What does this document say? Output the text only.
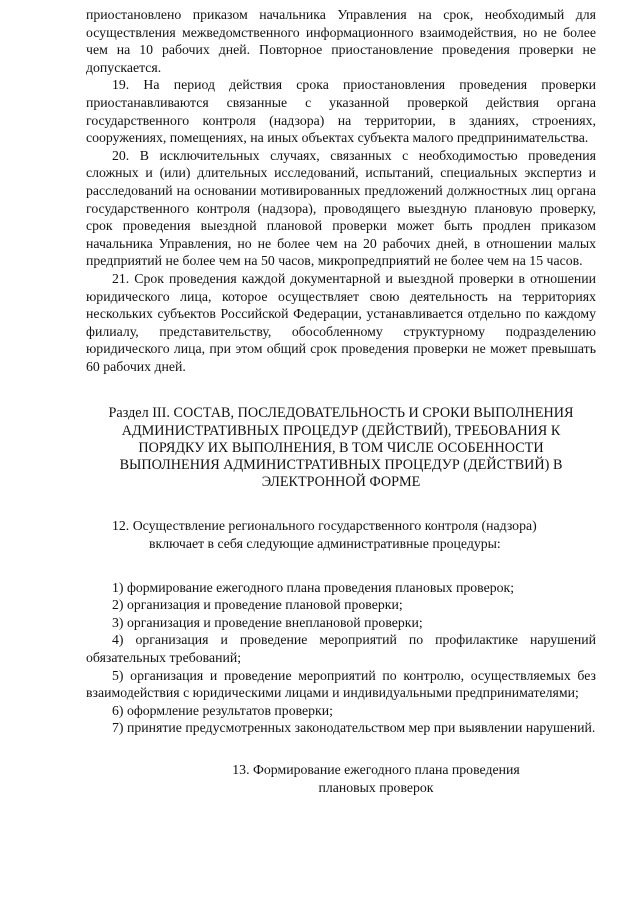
приостановлено приказом начальника Управления на срок, необходимый для осуществления межведомственного информационного взаимодействия, но не более чем на 10 рабочих дней. Повторное приостановление проведения проверки не допускается.

19. На период действия срока приостановления проведения проверки приостанавливаются связанные с указанной проверкой действия органа государственного контроля (надзора) на территории, в зданиях, строениях, сооружениях, помещениях, на иных объектах субъекта малого предпринимательства.

20. В исключительных случаях, связанных с необходимостью проведения сложных и (или) длительных исследований, испытаний, специальных экспертиз и расследований на основании мотивированных предложений должностных лиц органа государственного контроля (надзора), проводящего выездную плановую проверку, срок проведения выездной плановой проверки может быть продлен приказом начальника Управления, но не более чем на 20 рабочих дней, в отношении малых предприятий не более чем на 50 часов, микропредприятий не более чем на 15 часов.

21. Срок проведения каждой документарной и выездной проверки в отношении юридического лица, которое осуществляет свою деятельность на территориях нескольких субъектов Российской Федерации, устанавливается отдельно по каждому филиалу, представительству, обособленному структурному подразделению юридического лица, при этом общий срок проведения проверки не может превышать 60 рабочих дней.

Раздел III. СОСТАВ, ПОСЛЕДОВАТЕЛЬНОСТЬ И СРОКИ ВЫПОЛНЕНИЯ АДМИНИСТРАТИВНЫХ ПРОЦЕДУР (ДЕЙСТВИЙ), ТРЕБОВАНИЯ К ПОРЯДКУ ИХ ВЫПОЛНЕНИЯ, В ТОМ ЧИСЛЕ ОСОБЕННОСТИ ВЫПОЛНЕНИЯ АДМИНИСТРАТИВНЫХ ПРОЦЕДУР (ДЕЙСТВИЙ) В ЭЛЕКТРОННОЙ ФОРМЕ

12. Осуществление регионального государственного контроля (надзора)
включает в себя следующие административные процедуры:

1) формирование ежегодного плана проведения плановых проверок;

2) организация и проведение плановой проверки;

3) организация и проведение внеплановой проверки;

4) организация и проведение мероприятий по профилактике нарушений обязательных требований;

5) организация и проведение мероприятий по контролю, осуществляемых без взаимодействия с юридическими лицами и индивидуальными предпринимателями;

6) оформление результатов проверки;

7) принятие предусмотренных законодательством мер при выявлении нарушений.

13. Формирование ежегодного плана проведения
плановых проверок
